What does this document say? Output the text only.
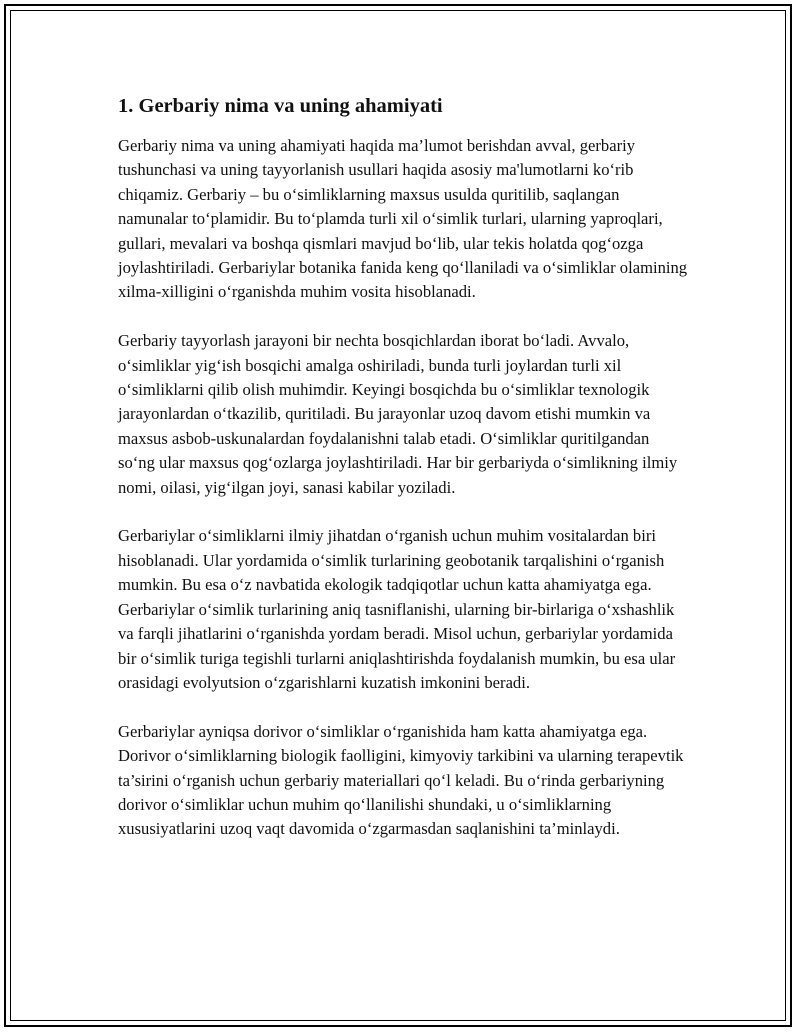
1. Gerbariy nima va uning ahamiyati

Gerbariy nima va uning ahamiyati haqida ma’lumot berishdan avval, gerbariy tushunchasi va uning tayyorlanish usullari haqida asosiy ma'lumotlarni ko‘rib chiqamiz. Gerbariy – bu o‘simliklarning maxsus usulda quritilib, saqlangan namunalar to‘plamidir. Bu to‘plamda turli xil o‘simlik turlari, ularning yaproqlari, gullari, mevalari va boshqa qismlari mavjud bo‘lib, ular tekis holatda qog‘ozga joylashtiriladi. Gerbariylar botanika fanida keng qo‘llaniladi va o‘simliklar olamining xilma-xilligini o‘rganishda muhim vosita hisoblanadi.

Gerbariy tayyorlash jarayoni bir nechta bosqichlardan iborat bo‘ladi. Avvalo, o‘simliklar yig‘ish bosqichi amalga oshiriladi, bunda turli joylardan turli xil o‘simliklarni qilib olish muhimdir. Keyingi bosqichda bu o‘simliklar texnologik jarayonlardan o‘tkazilib, quritiladi. Bu jarayonlar uzoq davom etishi mumkin va maxsus asbob-uskunalardan foydalanishni talab etadi. O‘simliklar quritilgandan so‘ng ular maxsus qog‘ozlarga joylashtiriladi. Har bir gerbariyda o‘simlikning ilmiy nomi, oilasi, yig‘ilgan joyi, sanasi kabilar yoziladi.

Gerbariylar o‘simliklarni ilmiy jihatdan o‘rganish uchun muhim vositalardan biri hisoblanadi. Ular yordamida o‘simlik turlarining geobotanik tarqalishini o‘rganish mumkin. Bu esa o‘z navbatida ekologik tadqiqotlar uchun katta ahamiyatga ega. Gerbariylar o‘simlik turlarining aniq tasniflanishi, ularning bir-birlariga o‘xshashlik va farqli jihatlarini o‘rganishda yordam beradi. Misol uchun, gerbariylar yordamida bir o‘simlik turiga tegishli turlarni aniqlashtirishda foydalanish mumkin, bu esa ular orasidagi evolyutsion o‘zgarishlarni kuzatish imkonini beradi.

Gerbariylar ayniqsa dorivor o‘simliklar o‘rganishida ham katta ahamiyatga ega. Dorivor o‘simliklarning biologik faolligini, kimyoviy tarkibini va ularning terapevtik ta’sirini o‘rganish uchun gerbariy materiallari qo‘l keladi. Bu o‘rinda gerbariyning dorivor o‘simliklar uchun muhim qo‘llanilishi shundaki, u o‘simliklarning xususiyatlarini uzoq vaqt davomida o‘zgarmasdan saqlanishini ta’minlaydi.
